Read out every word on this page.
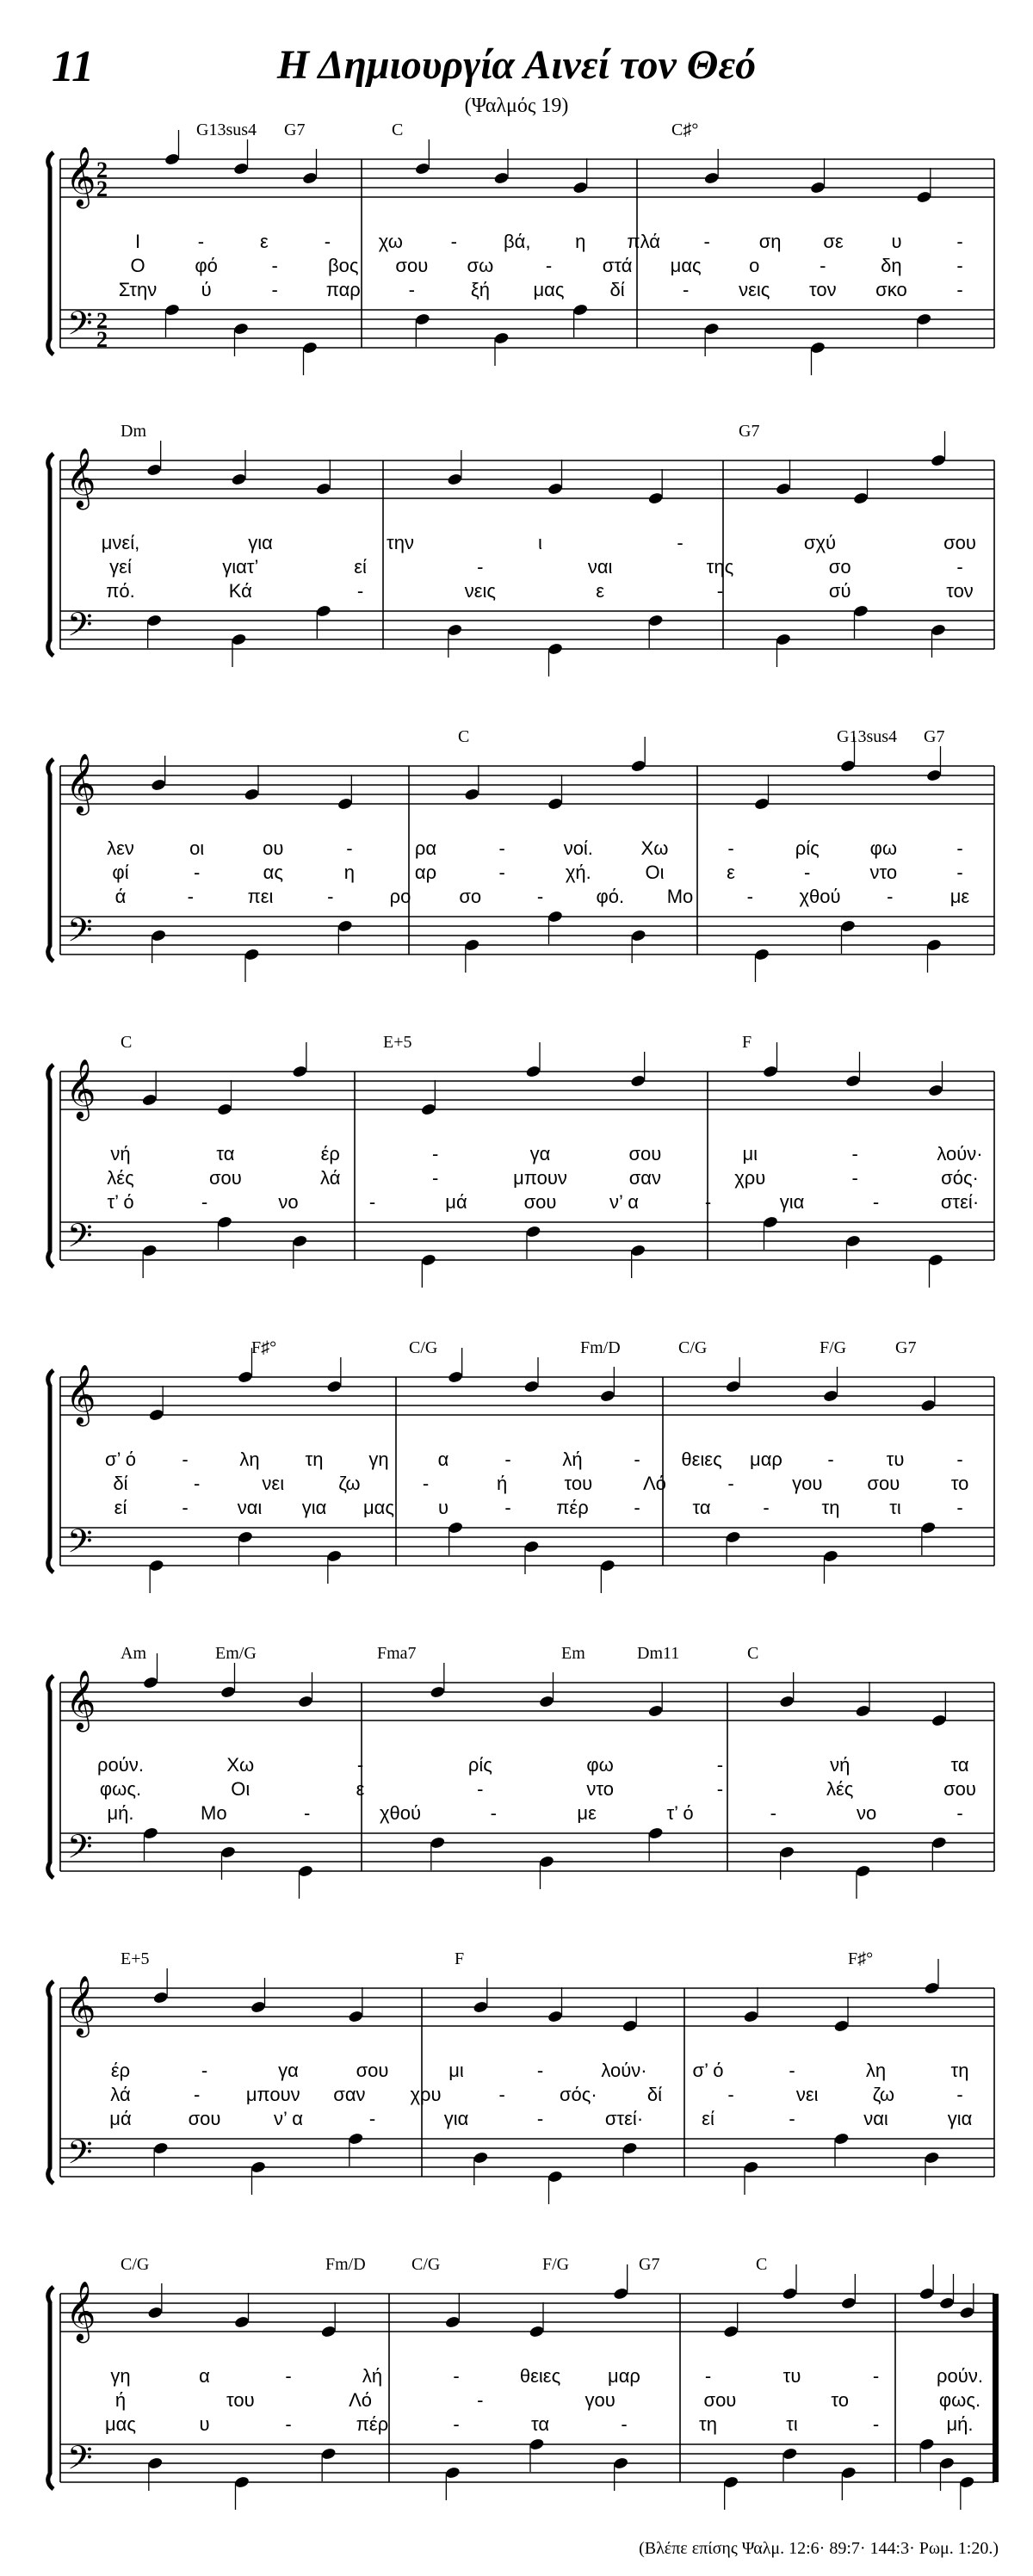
11	Η Δημιουργία Αινεί τον Θεό
(Ψαλμός 19)
𝄞
𝄢
2
2
2
2
G13sus4 G7	C	C♯°
Ι	-	ε	-	χω	- βά, η πλά -	ση σε	υ	-
Ο	φό	-	βος σου σω	-	στά μας	ο	-	δη	-
Στην ύ	-	παρ	-	ξή μας δί	-	νεις τον σκο	-
𝄞
𝄢
Dm	G7
μνεί,	για	την	ι	-	σχύ	σου
γεί	γιατ’	εί	-	ναι	της	σο	-
πό.	Κά	-	νεις	ε	-	σύ	τον
𝄞
𝄢
C	G13sus4 G7
λεν	οι	ου	-	ρα	-	νοί.	Χω	-	ρίς	φω	-
φί	-	ας	η	αρ	-	χή.	Οι	ε	-	ντο	-
ά	-	πει	-	ρο	σο	-	φό. Μο	- χθού -	με
𝄞
𝄢
C	E+5	F
νή	τα	έρ	-	γα	σου	μι	-	λούν·
λές	σου	λά	-	μπουν	σαν	χρυ	-	σός·
τ’ ό	-	νο	-	μά	σου	ν’ α	-	για	-	στεί·
𝄞
𝄢
F♯°	C/G	Fm/D	C/G	F/G	G7
σ’ ό -	λη τη γη	α	-	λή	- θειες μαρ -	τυ	-
δί	-	νει	ζω	-	ή	του	Λό	-	γου σου	το
εί	-	ναι για μας υ	- πέρ -	τα	-	τη	τι	-
𝄞
𝄢
Am	Em/G	Fma7	Em	Dm11	C
ρούν.	Χω	-	ρίς	φω	-	νή	τα
φως.	Οι	ε	-	ντο	-	λές	σου
μή.	Μο	-	χθού	-	με	τ’ ό	-	νο	-
𝄞
𝄢
E+5	F	F♯°
έρ	-	γα	σου	μι	-	λούν· σ’ ό	-	λη	τη
λά	- μπουν σαν χρυ	-	σός·	δί	-	νει	ζω	-
μά	σου	ν’ α	-	για	-	στεί·	εί	-	ναι	για
𝄞
𝄢
C/G	Fm/D	C/G	F/G	G7	C
γη	α	-	λή	-	θειες μαρ	-	τυ	-	ρούν.
ή	του	Λό	-	γου	σου	το	φως.
μας	υ	-	πέρ	-	τα	-	τη	τι	-	μή.
(Βλέπε επίσης Ψαλμ. 12:6· 89:7· 144:3· Ρωμ. 1:20.)
